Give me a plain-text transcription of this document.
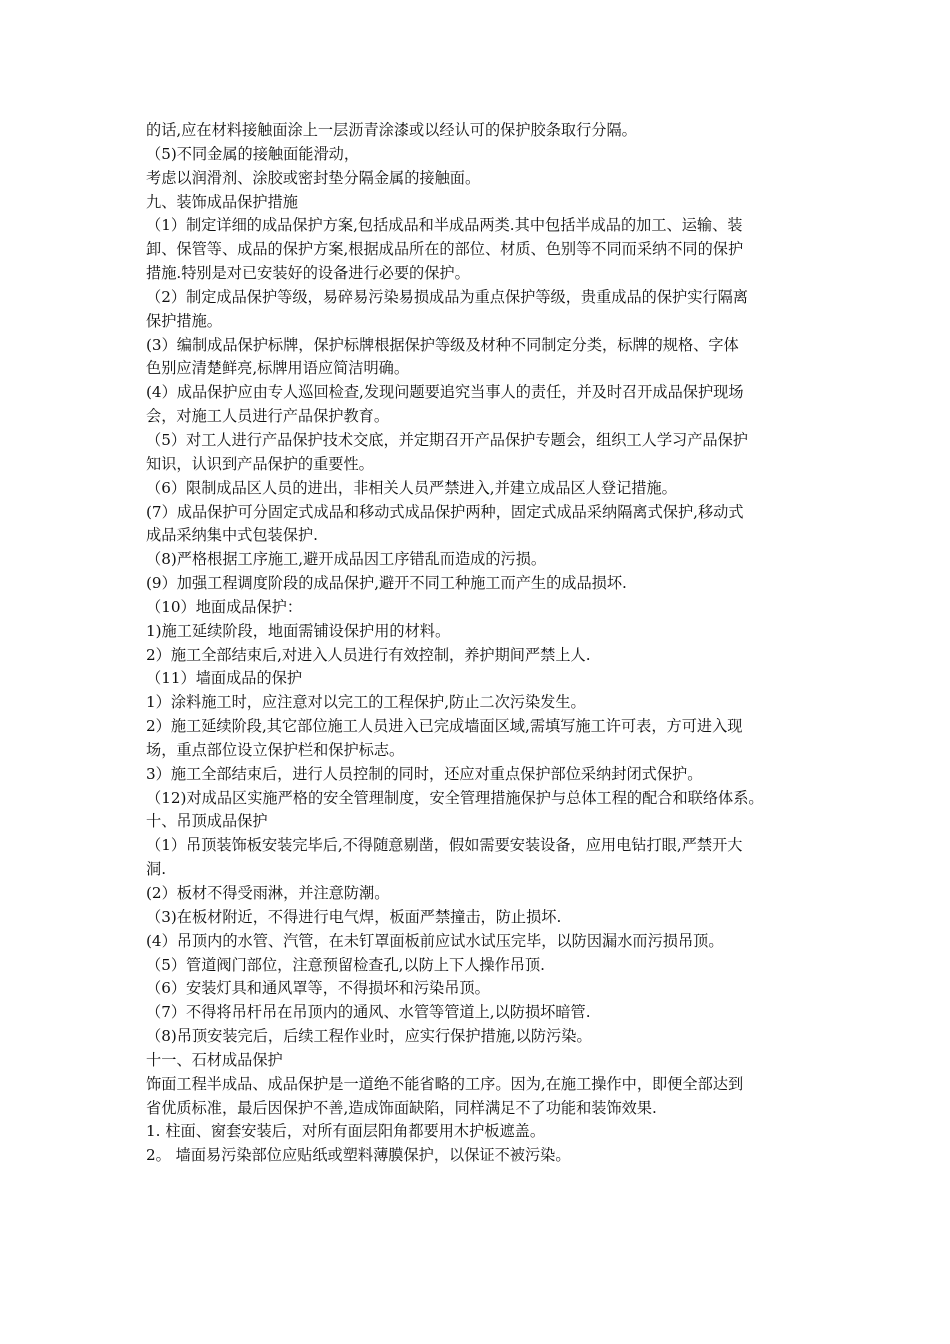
的话,应在材料接触面涂上一层沥青涂漆或以经认可的保护胶条取行分隔。
（5)不同金属的接触面能滑动，
考虑以润滑剂、涂胶或密封垫分隔金属的接触面。
九、装饰成品保护措施
（1）制定详细的成品保护方案,包括成品和半成品两类.其中包括半成品的加工、运输、装
卸、保管等、成品的保护方案,根据成品所在的部位、材质、色别等不同而采纳不同的保护
措施.特别是对已安装好的设备进行必要的保护。
（2）制定成品保护等级，易碎易污染易损成品为重点保护等级，贵重成品的保护实行隔离
保护措施。
(3）编制成品保护标牌，保护标牌根据保护等级及材种不同制定分类，标牌的规格、字体
色别应清楚鲜亮,标牌用语应简洁明确。
(4）成品保护应由专人巡回检查,发现问题要追究当事人的责任，并及时召开成品保护现场
会，对施工人员进行产品保护教育。
（5）对工人进行产品保护技术交底，并定期召开产品保护专题会，组织工人学习产品保护
知识，认识到产品保护的重要性。
（6）限制成品区人员的进出，非相关人员严禁进入,并建立成品区人登记措施。
(7）成品保护可分固定式成品和移动式成品保护两种，固定式成品采纳隔离式保护,移动式
成品采纳集中式包装保护.
（8)严格根据工序施工,避开成品因工序错乱而造成的污损。
(9）加强工程调度阶段的成品保护,避开不同工种施工而产生的成品损坏.
（10）地面成品保护：
1)施工延续阶段，地面需铺设保护用的材料。
2）施工全部结束后,对进入人员进行有效控制，养护期间严禁上人.
（11）墙面成品的保护
1）涂料施工时，应注意对以完工的工程保护,防止二次污染发生。
2）施工延续阶段,其它部位施工人员进入已完成墙面区域,需填写施工许可表，方可进入现
场，重点部位设立保护栏和保护标志。
3）施工全部结束后，进行人员控制的同时，还应对重点保护部位采纳封闭式保护。
（12)对成品区实施严格的安全管理制度，安全管理措施保护与总体工程的配合和联络体系。
十、吊顶成品保护
（1）吊顶装饰板安装完毕后,不得随意剔凿，假如需要安装设备，应用电钻打眼,严禁开大
洞.
(2）板材不得受雨淋，并注意防潮。
（3)在板材附近，不得进行电气焊，板面严禁撞击，防止损坏.
(4）吊顶内的水管、汽管，在未钉罩面板前应试水试压完毕，以防因漏水而污损吊顶。
（5）管道阀门部位，注意预留检查孔,以防上下人操作吊顶.
（6）安装灯具和通风罩等，不得损坏和污染吊顶。
（7）不得将吊杆吊在吊顶内的通风、水管等管道上,以防损坏暗管.
（8)吊顶安装完后，后续工程作业时，应实行保护措施,以防污染。
十一、石材成品保护
饰面工程半成品、成品保护是一道绝不能省略的工序。因为,在施工操作中，即便全部达到
省优质标准，最后因保护不善,造成饰面缺陷，同样满足不了功能和装饰效果.
1. 柱面、窗套安装后，对所有面层阳角都要用木护板遮盖。
2。 墙面易污染部位应贴纸或塑料薄膜保护，以保证不被污染。
